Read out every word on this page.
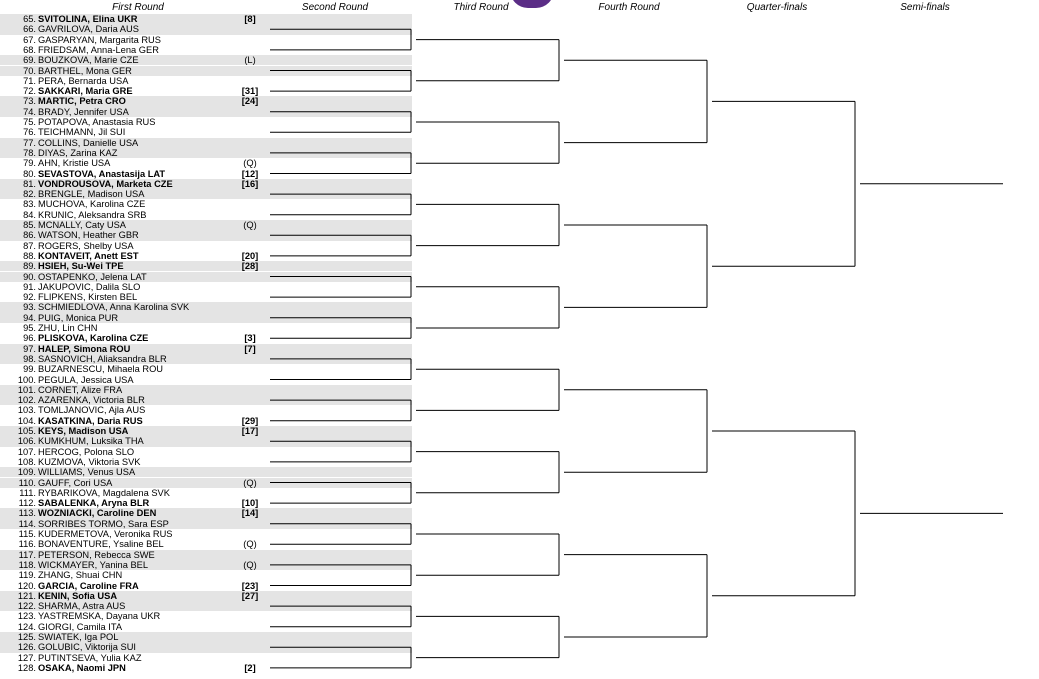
First Round	Second Round	Third Round	Fourth Round	Quarter-finals	Semi-finals
65. SVITOLINA, Elina UKR	[8]
66. GAVRILOVA, Daria AUS
67. GASPARYAN, Margarita RUS
68. FRIEDSAM, Anna-Lena GER
69. BOUZKOVA, Marie CZE	(L)
70. BARTHEL, Mona GER
71. PERA, Bernarda USA
72. SAKKARI, Maria GRE	[31]
73. MARTIC, Petra CRO	[24]
74. BRADY, Jennifer USA
75. POTAPOVA, Anastasia RUS
76. TEICHMANN, Jil SUI
77. COLLINS, Danielle USA
78. DIYAS, Zarina KAZ
79. AHN, Kristie USA	(Q)
80. SEVASTOVA, Anastasija LAT	[12]
81. VONDROUSOVA, Marketa CZE	[16]
82. BRENGLE, Madison USA
83. MUCHOVA, Karolina CZE
84. KRUNIC, Aleksandra SRB
85. MCNALLY, Caty USA	(Q)
86. WATSON, Heather GBR
87. ROGERS, Shelby USA
88. KONTAVEIT, Anett EST	[20]
89. HSIEH, Su-Wei TPE	[28]
90. OSTAPENKO, Jelena LAT
91. JAKUPOVIC, Dalila SLO
92. FLIPKENS, Kirsten BEL
93. SCHMIEDLOVA, Anna Karolina SVK
94. PUIG, Monica PUR
95. ZHU, Lin CHN
96. PLISKOVA, Karolina CZE	[3]
97. HALEP, Simona ROU	[7]
98. SASNOVICH, Aliaksandra BLR
99. BUZARNESCU, Mihaela ROU
100. PEGULA, Jessica USA
101. CORNET, Alize FRA
102. AZARENKA, Victoria BLR
103. TOMLJANOVIC, Ajla AUS
104. KASATKINA, Daria RUS	[29]
105. KEYS, Madison USA	[17]
106. KUMKHUM, Luksika THA
107. HERCOG, Polona SLO
108. KUZMOVA, Viktoria SVK
109. WILLIAMS, Venus USA
110. GAUFF, Cori USA	(Q)
111. RYBARIKOVA, Magdalena SVK
112. SABALENKA, Aryna BLR	[10]
113. WOZNIACKI, Caroline DEN	[14]
114. SORRIBES TORMO, Sara ESP
115. KUDERMETOVA, Veronika RUS
116. BONAVENTURE, Ysaline BEL	(Q)
117. PETERSON, Rebecca SWE
118. WICKMAYER, Yanina BEL	(Q)
119. ZHANG, Shuai CHN
120. GARCIA, Caroline FRA	[23]
121. KENIN, Sofia USA	[27]
122. SHARMA, Astra AUS
123. YASTREMSKA, Dayana UKR
124. GIORGI, Camila ITA
125. SWIATEK, Iga POL
126. GOLUBIC, Viktorija SUI
127. PUTINTSEVA, Yulia KAZ
128. OSAKA, Naomi JPN	[2]
